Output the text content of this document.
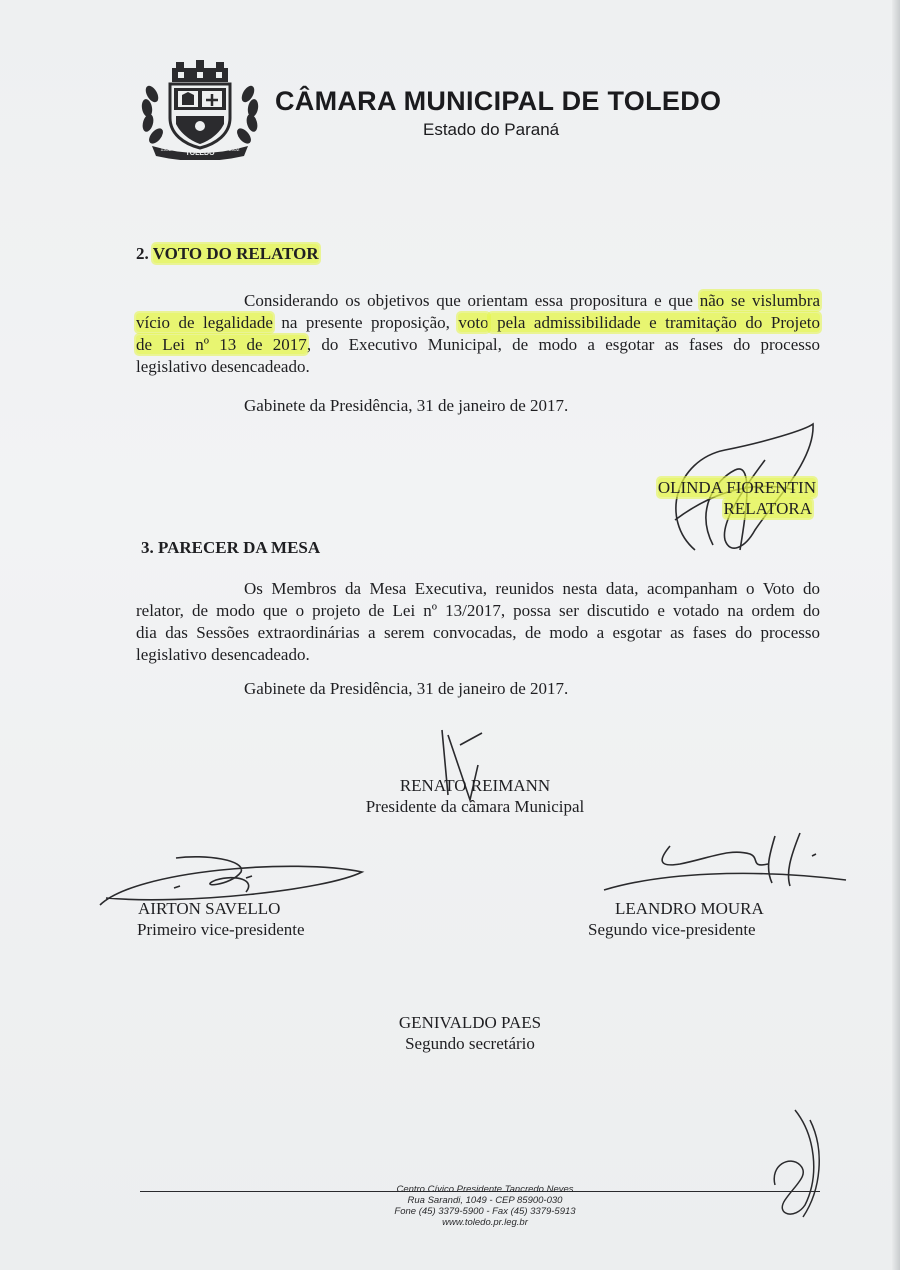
TOLEDO
1952	1952
CÂMARA MUNICIPAL DE TOLEDO
Estado do Paraná
2. VOTO DO RELATOR
Considerando os objetivos que orientam essa propositura e que não se vislumbra
vício de legalidade na presente proposição, voto pela admissibilidade e tramitação do Projeto
de Lei nº 13 de 2017, do Executivo Municipal, de modo a esgotar as fases do processo
legislativo desencadeado.
Gabinete da Presidência, 31 de janeiro de 2017.
OLINDA FIORENTIN
RELATORA
3. PARECER DA MESA
Os Membros da Mesa Executiva, reunidos nesta data, acompanham o Voto do
relator, de modo que o projeto de Lei nº 13/2017, possa ser discutido e votado na ordem do
dia das Sessões extraordinárias a serem convocadas, de modo a esgotar as fases do processo
legislativo desencadeado.
Gabinete da Presidência, 31 de janeiro de 2017.
RENATO REIMANN
Presidente da câmara Municipal
AIRTON SAVELLO
Primeiro vice-presidente
LEANDRO MOURA
Segundo vice-presidente
GENIVALDO PAES
Segundo secretário
Centro Cívico Presidente Tancredo Neves
Rua Sarandi, 1049 - CEP 85900-030
Fone (45) 3379-5900 - Fax (45) 3379-5913
www.toledo.pr.leg.br
